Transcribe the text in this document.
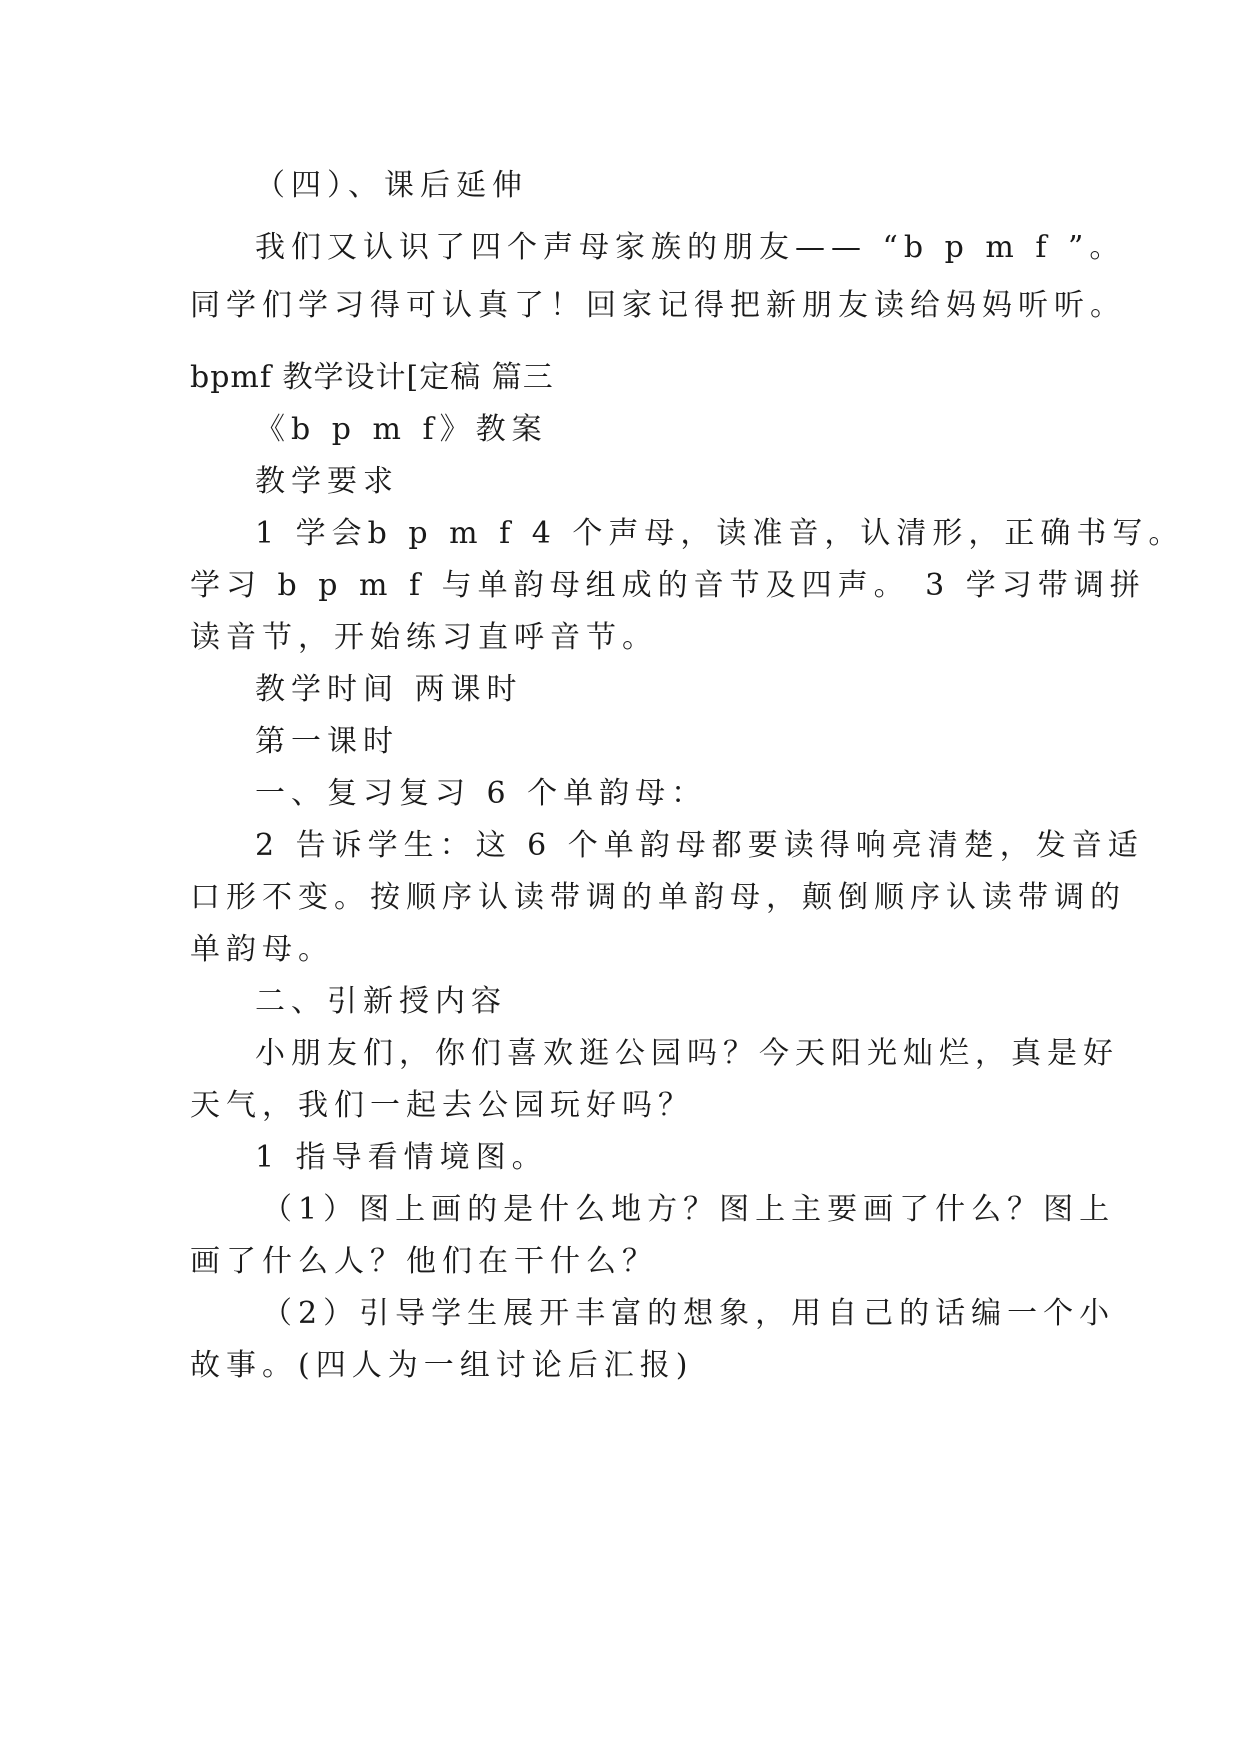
（四）、课后延伸
我们又认识了四个声母家族的朋友—— “b p m f ”。
同学们学习得可认真了！回家记得把新朋友读给妈妈听听。
bpmf 教学设计[定稿 篇三
《b p m f》教案
教学要求
1 学会b p m f 4 个声母，读准音，认清形，正确书写。
学习 b p m f 与单韵母组成的音节及四声。 3 学习带调拼
读音节，开始练习直呼音节。
教学时间 两课时
第一课时
一、复习复习 6 个单韵母：
2 告诉学生：这 6 个单韵母都要读得响亮清楚，发音适
口形不变。按顺序认读带调的单韵母，颠倒顺序认读带调的
单韵母。
二、引新授内容
小朋友们，你们喜欢逛公园吗？今天阳光灿烂，真是好
天气，我们一起去公园玩好吗？
1 指导看情境图。
（1）图上画的是什么地方？图上主要画了什么？图上
画了什么人？他们在干什么？
（2）引导学生展开丰富的想象，用自己的话编一个小
故事。(四人为一组讨论后汇报)
